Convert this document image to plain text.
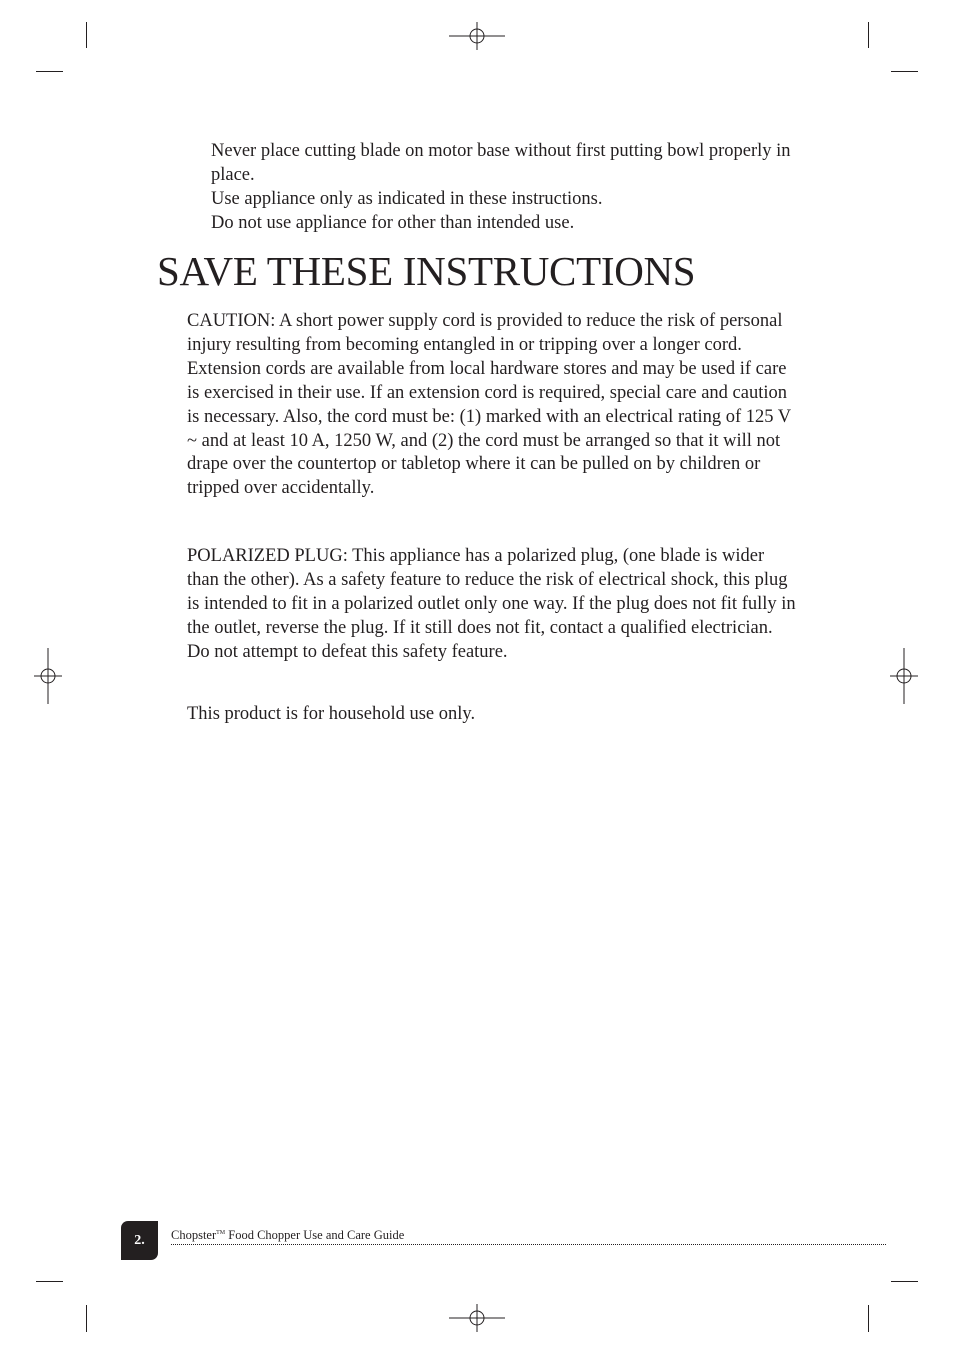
Never place cutting blade on motor base without first putting bowl properly in place.
Use appliance only as indicated in these instructions.
Do not use appliance for other than intended use.
SAVE THESE INSTRUCTIONS

CAUTION: A short power supply cord is provided to reduce the risk of personal injury resulting from becoming entangled in or tripping over a longer cord. Extension cords are available from local hardware stores and may be used if care is exercised in their use. If an extension cord is required, special care and caution is necessary. Also, the cord must be: (1) marked with an electrical rating of 125 V ~ and at least 10 A, 1250 W, and (2) the cord must be arranged so that it will not drape over the countertop or tabletop where it can be pulled on by children or tripped over accidentally.

POLARIZED PLUG: This appliance has a polarized plug, (one blade is wider than the other). As a safety feature to reduce the risk of electrical shock, this plug is intended to fit in a polarized outlet only one way. If the plug does not fit fully in the outlet, reverse the plug. If it still does not fit, contact a qualified electrician. Do not attempt to defeat this safety feature.

This product is for household use only.

2.	Chopster™ Food Chopper Use and Care Guide
